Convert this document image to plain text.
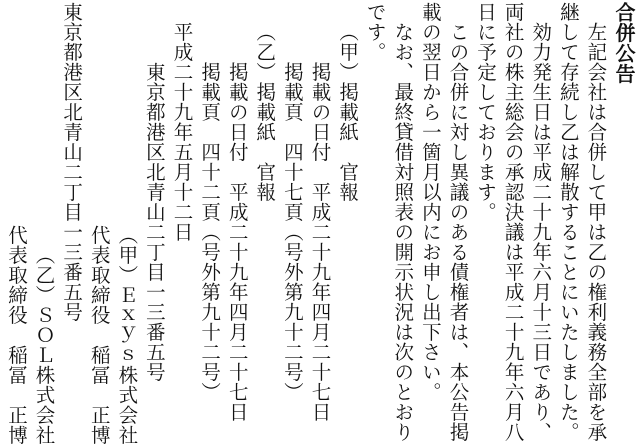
合併公告
　左記会社は合併して甲は乙の権利義務全部を承
継して存続し乙は解散することにいたしました。
　効力発生日は平成二十九年六月十三日であり、
両社の株主総会の承認決議は平成二十九年六月八
日に予定しております。
　この合併に対し異議のある債権者は、本公告掲
載の翌日から一箇月以内にお申し出下さい。
　なお、最終貸借対照表の開示状況は次のとおり
です。
（甲）掲載紙　官報
掲載の日付　平成二十九年四月二十七日
掲載頁　四十七頁（号外第九十二号）
（乙）掲載紙　官報
掲載の日付　平成二十九年四月二十七日
掲載頁　四十二頁（号外第九十二号）
平成二十九年五月十二日
東京都港区北青山二丁目一三番五号
（甲）Ｅｘｙｓ株式会社
代表取締役　稲冨　正博
東京都港区北青山二丁目一三番五号
（乙）ＳＯＬ株式会社
代表取締役　稲冨　正博
